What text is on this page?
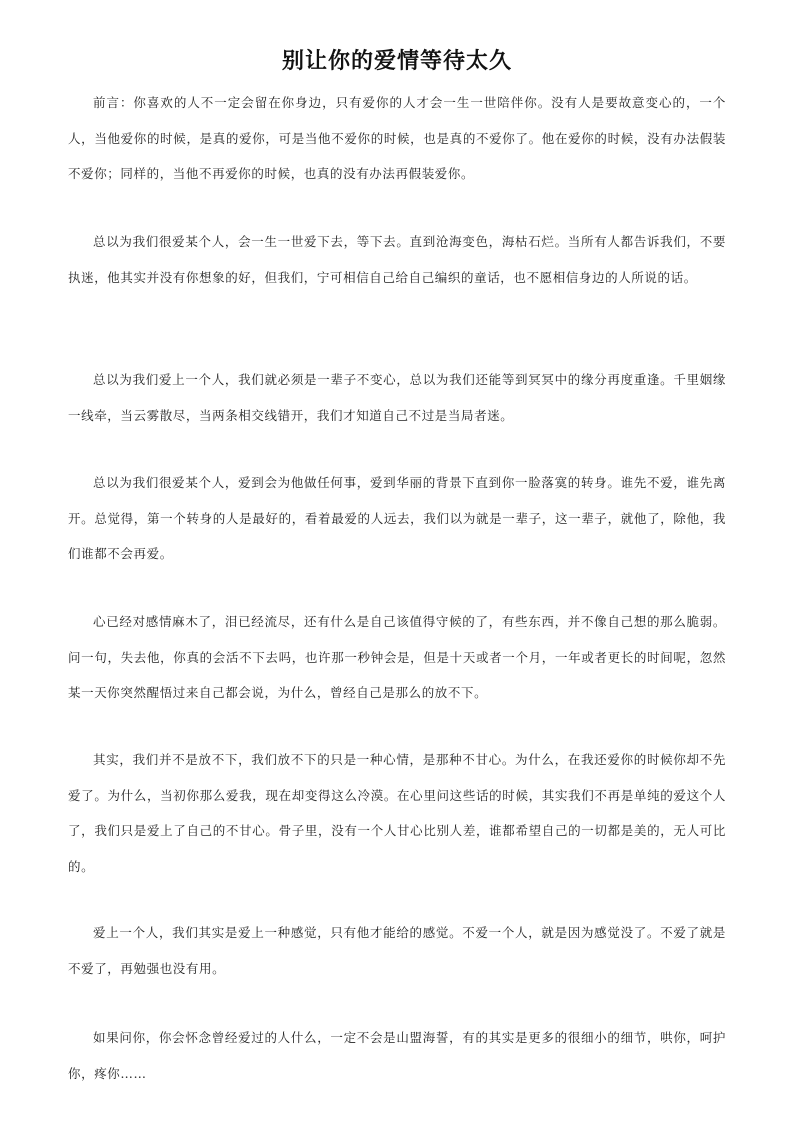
别让你的爱情等待太久

前言：你喜欢的人不一定会留在你身边，只有爱你的人才会一生一世陪伴你。没有人是要故意变心的，一个人，当他爱你的时候，是真的爱你，可是当他不爱你的时候，也是真的不爱你了。他在爱你的时候，没有办法假装不爱你；同样的，当他不再爱你的时候，也真的没有办法再假装爱你。

总以为我们很爱某个人，会一生一世爱下去，等下去。直到沧海变色，海枯石烂。当所有人都告诉我们，不要执迷，他其实并没有你想象的好，但我们，宁可相信自己给自己编织的童话，也不愿相信身边的人所说的话。

总以为我们爱上一个人，我们就必须是一辈子不变心，总以为我们还能等到冥冥中的缘分再度重逢。千里姻缘一线牵，当云雾散尽，当两条相交线错开，我们才知道自己不过是当局者迷。

总以为我们很爱某个人，爱到会为他做任何事，爱到华丽的背景下直到你一脸落寞的转身。谁先不爱，谁先离开。总觉得，第一个转身的人是最好的，看着最爱的人远去，我们以为就是一辈子，这一辈子，就他了，除他，我们谁都不会再爱。

心已经对感情麻木了，泪已经流尽，还有什么是自己该值得守候的了，有些东西，并不像自己想的那么脆弱。问一句，失去他，你真的会活不下去吗，也许那一秒钟会是，但是十天或者一个月，一年或者更长的时间呢，忽然某一天你突然醒悟过来自己都会说，为什么，曾经自己是那么的放不下。

其实，我们并不是放不下，我们放不下的只是一种心情，是那种不甘心。为什么，在我还爱你的时候你却不先爱了。为什么，当初你那么爱我，现在却变得这么冷漠。在心里问这些话的时候，其实我们不再是单纯的爱这个人了，我们只是爱上了自己的不甘心。骨子里，没有一个人甘心比别人差，谁都希望自己的一切都是美的，无人可比的。

爱上一个人，我们其实是爱上一种感觉，只有他才能给的感觉。不爱一个人，就是因为感觉没了。不爱了就是不爱了，再勉强也没有用。

如果问你，你会怀念曾经爱过的人什么，一定不会是山盟海誓，有的其实是更多的很细小的细节，哄你，呵护你，疼你……
